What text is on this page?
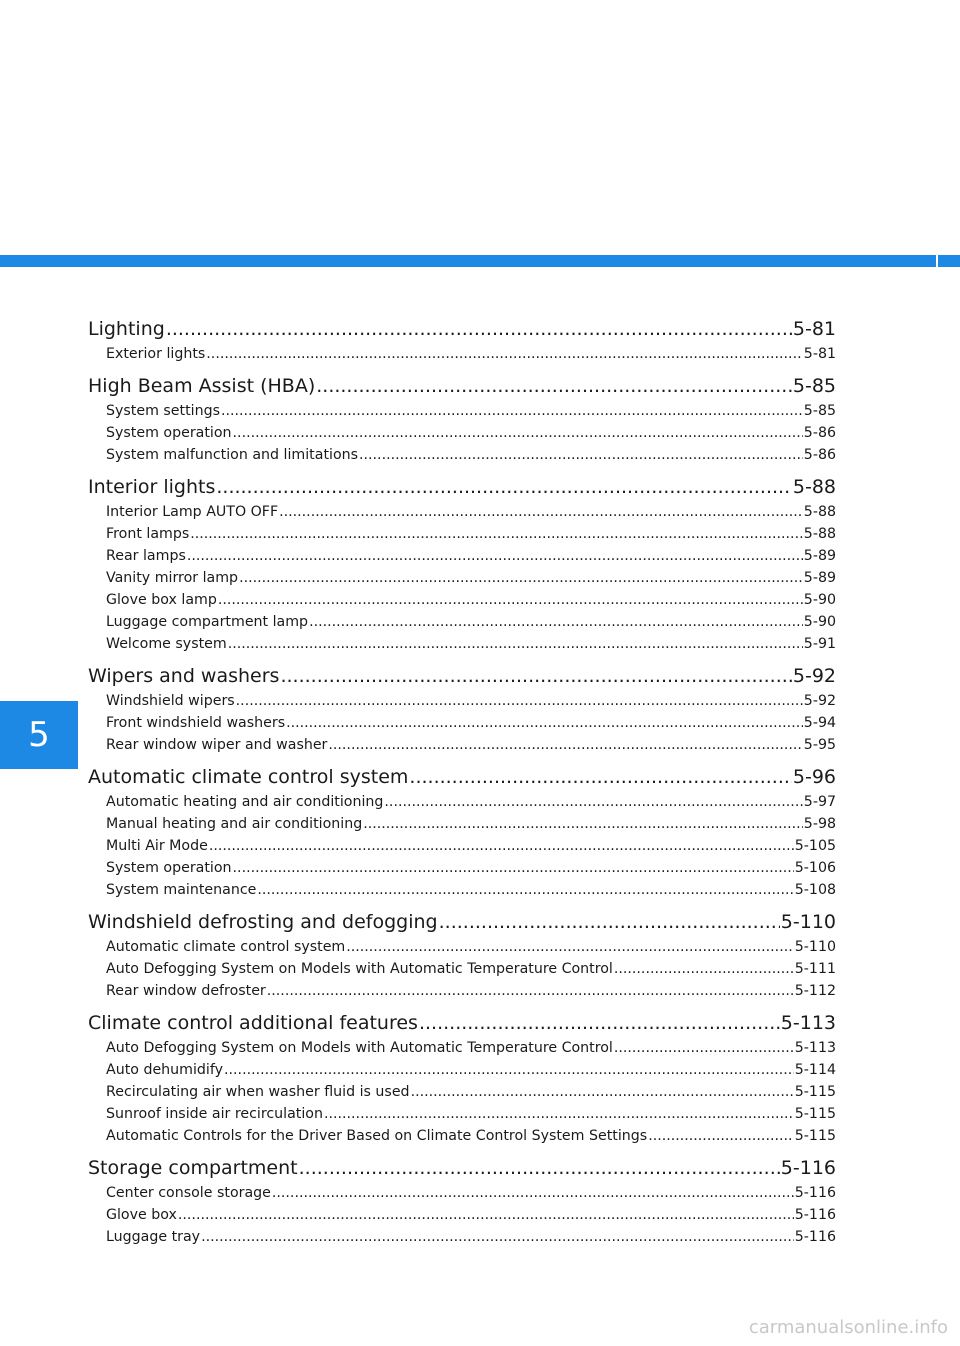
5
Lighting .....	5-81
Exterior lights .....	5-81
High Beam Assist (HBA) .....	5-85
System settings .....	5-85
System operation .....	5-86
System malfunction and limitations .....	5-86
Interior lights .....	5-88
Interior Lamp AUTO OFF .....	5-88
Front lamps .....	5-88
Rear lamps .....	5-89
Vanity mirror lamp .....	5-89
Glove box lamp .....	5-90
Luggage compartment lamp .....	5-90
Welcome system .....	5-91
Wipers and washers .....	5-92
Windshield wipers .....	5-92
Front windshield washers .....	5-94
Rear window wiper and washer .....	5-95
Automatic climate control system .....	5-96
Automatic heating and air conditioning .....	5-97
Manual heating and air conditioning .....	5-98
Multi Air Mode .....	5-105
System operation .....	5-106
System maintenance .....	5-108
Windshield defrosting and defogging .....	5-110
Automatic climate control system .....	5-110
Auto Defogging System on Models with Automatic Temperature Control .....	5-111
Rear window defroster .....	5-112
Climate control additional features .....	5-113
Auto Defogging System on Models with Automatic Temperature Control .....	5-113
Auto dehumidify .....	5-114
Recirculating air when washer fluid is used .....	5-115
Sunroof inside air recirculation .....	5-115
Automatic Controls for the Driver Based on Climate Control System Settings .....	5-115
Storage compartment .....	5-116
Center console storage .....	5-116
Glove box .....	5-116
Luggage tray .....	5-116
carmanualsonline.info
